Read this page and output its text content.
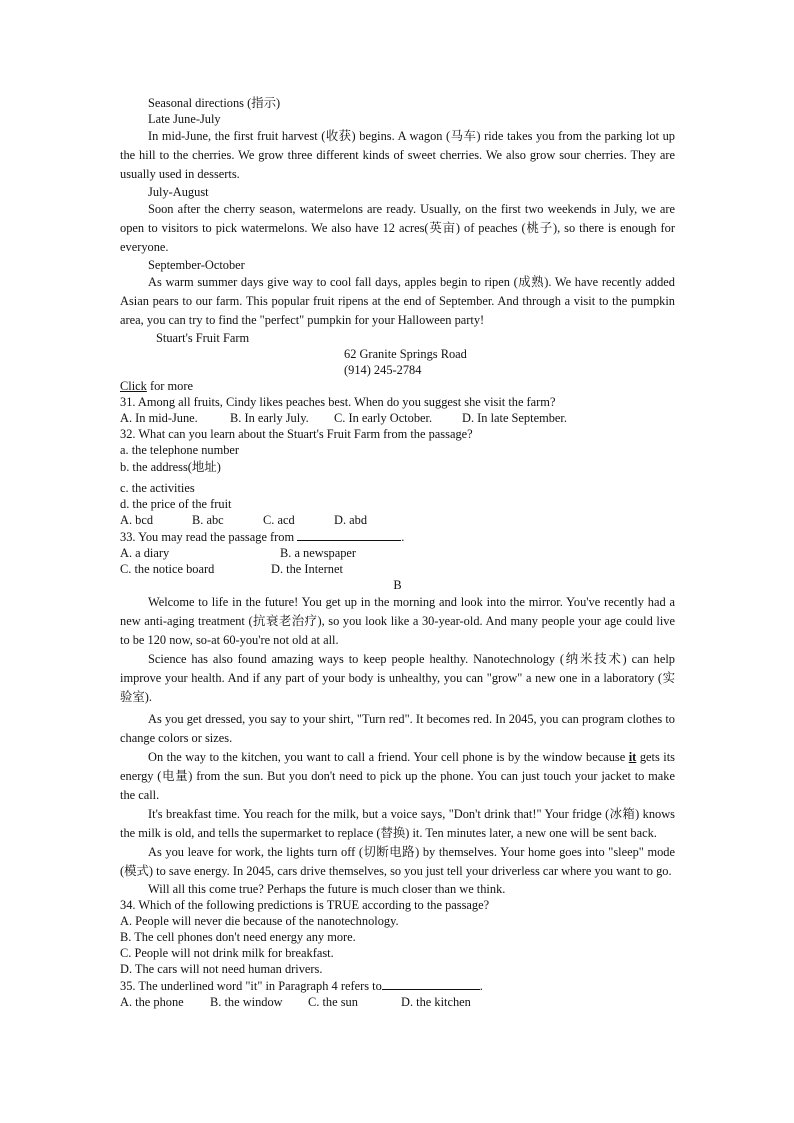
Seasonal directions (指示)

Late June-July

In mid-June, the first fruit harvest (收获) begins. A wagon (马车) ride takes you from the parking lot up the hill to the cherries. We grow three different kinds of sweet cherries. We also grow sour cherries. They are usually used in desserts.

July-August

Soon after the cherry season, watermelons are ready. Usually, on the first two weekends in July, we are open to visitors to pick watermelons. We also have 12 acres(英亩) of peaches (桃子), so there is enough for everyone.

September-October

As warm summer days give way to cool fall days, apples begin to ripen (成熟). We have recently added Asian pears to our farm. This popular fruit ripens at the end of September. And through a visit to the pumpkin area, you can try to find the "perfect" pumpkin for your Halloween party!

Stuart's Fruit Farm

62 Granite Springs Road

(914) 245-2784

Click for more

31. Among all fruits, Cindy likes peaches best. When do you suggest she visit the farm?

A. In mid-June.	B. In early July. C. In early October. D. In late September.

32. What can you learn about the Stuart's Fruit Farm from the passage?

a. the telephone number

b. the address(地址)

c. the activities

d. the price of the fruit

A. bcd	B. abc	C. acd	D. abd

33. You may read the passage from	.

A. a diary	B. a newspaper

C. the notice board	D. the Internet

B

Welcome to life in the future! You get up in the morning and look into the mirror. You've recently had a new anti-aging treatment (抗衰老治疗), so you look like a 30-year-old. And many people your age could live to be 120 now, so-at 60-you're not old at all.

Science has also found amazing ways to keep people healthy. Nanotechnology (纳米技术) can help improve your health. And if any part of your body is unhealthy, you can "grow" a new one in a laboratory (实验室).

As you get dressed, you say to your shirt, "Turn red". It becomes red. In 2045, you can program clothes to change colors or sizes.

On the way to the kitchen, you want to call a friend. Your cell phone is by the window because it gets its energy (电量) from the sun. But you don't need to pick up the phone. You can just touch your jacket to make the call.

It's breakfast time. You reach for the milk, but a voice says, "Don't drink that!" Your fridge (冰箱) knows the milk is old, and tells the supermarket to replace (替换) it. Ten minutes later, a new one will be sent back.

As you leave for work, the lights turn off (切断电路) by themselves. Your home goes into "sleep" mode (模式) to save energy. In 2045, cars drive themselves, so you just tell your driverless car where you want to go.

Will all this come true? Perhaps the future is much closer than we think.

34. Which of the following predictions is TRUE according to the passage?

A. People will never die because of the nanotechnology.

B. The cell phones don't need energy any more.

C. People will not drink milk for breakfast.

D. The cars will not need human drivers.

35. The underlined word "it" in Paragraph 4 refers to	.

A. the phone B. the window C. the sun	D. the kitchen
